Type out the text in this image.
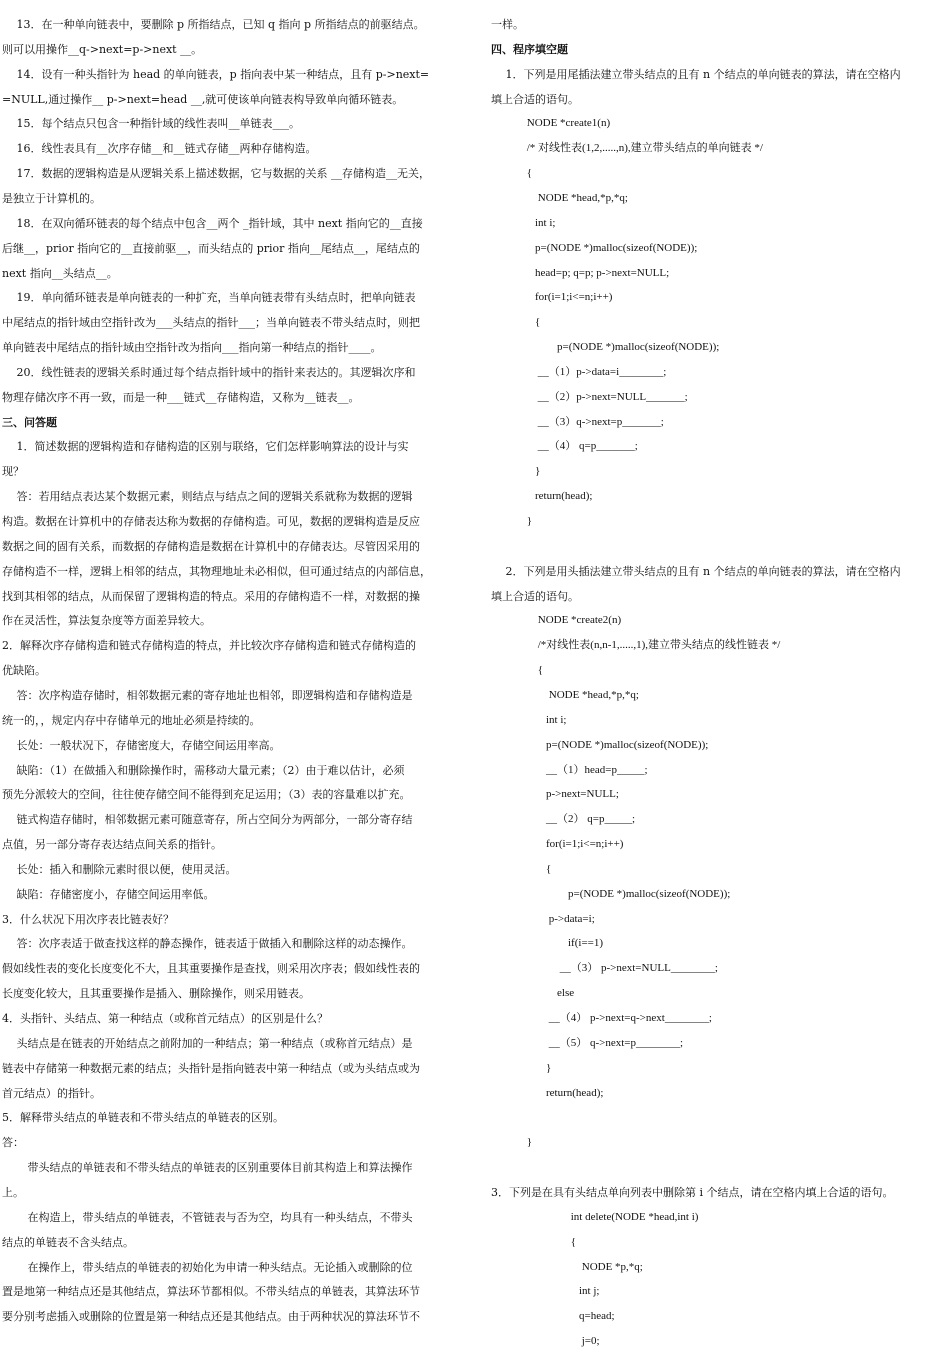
　 13．在一种单向链表中，要删除 p 所指结点，已知 q 指向 p 所指结点的前驱结点。
则可以用操作__q->next=p->next __。
　 14．设有一种头指针为 head 的单向链表，p 指向表中某一种结点，且有 p->next=
=NULL,通过操作__ p->next=head __,就可使该单向链表构导致单向循环链表。
　 15．每个结点只包含一种指针域的线性表叫__单链表___。
　 16．线性表具有__次序存储__和__链式存储__两种存储构造。
　 17．数据的逻辑构造是从逻辑关系上描述数据，它与数据的关系 __存储构造__无关，
是独立于计算机的。
　 18．在双向循环链表的每个结点中包含__两个 _指针域，其中 next 指向它的__直接
后继__，prior 指向它的__直接前驱__，而头结点的 prior 指向__尾结点__，尾结点的
next 指向__头结点__。
　 19．单向循环链表是单向链表的一种扩充，当单向链表带有头结点时，把单向链表
中尾结点的指针域由空指针改为___头结点的指针___；当单向链表不带头结点时，则把
单向链表中尾结点的指针域由空指针改为指向___指向第一种结点的指针____。
　 20．线性链表的逻辑关系时通过每个结点指针域中的指针来表达的。其逻辑次序和
物理存储次序不再一致，而是一种___链式__存储构造，又称为__链表__。
三、问答题
　 1．简述数据的逻辑构造和存储构造的区别与联络，它们怎样影响算法的设计与实
现？
　 答：若用结点表达某个数据元素，则结点与结点之间的逻辑关系就称为数据的逻辑
构造。数据在计算机中的存储表达称为数据的存储构造。可见，数据的逻辑构造是反应
数据之间的固有关系，而数据的存储构造是数据在计算机中的存储表达。尽管因采用的
存储构造不一样，逻辑上相邻的结点，其物理地址未必相似，但可通过结点的内部信息，
找到其相邻的结点，从而保留了逻辑构造的特点。采用的存储构造不一样，对数据的操
作在灵活性，算法复杂度等方面差异较大。
2．解释次序存储构造和链式存储构造的特点，并比较次序存储构造和链式存储构造的
优缺陷。
　 答：次序构造存储时，相邻数据元素的寄存地址也相邻，即逻辑构造和存储构造是
统一的，，规定内存中存储单元的地址必须是持续的。
　 长处：一般状况下，存储密度大，存储空间运用率高。
　 缺陷：（1）在做插入和删除操作时，需移动大量元素；（2）由于难以估计，必须
预先分派较大的空间，往往使存储空间不能得到充足运用；（3）表的容量难以扩充。
　 链式构造存储时，相邻数据元素可随意寄存，所占空间分为两部分，一部分寄存结
点值，另一部分寄存表达结点间关系的指针。
　 长处：插入和删除元素时很以便，使用灵活。
　 缺陷：存储密度小，存储空间运用率低。
3．什么状况下用次序表比链表好？
　 答：次序表适于做查找这样的静态操作，链表适于做插入和删除这样的动态操作。
假如线性表的变化长度变化不大，且其重要操作是查找，则采用次序表；假如线性表的
长度变化较大，且其重要操作是插入、删除操作，则采用链表。
4．头指针、头结点、第一种结点（或称首元结点）的区别是什么？
　 头结点是在链表的开始结点之前附加的一种结点；第一种结点（或称首元结点）是
链表中存储第一种数据元素的结点；头指针是指向链表中第一种结点（或为头结点或为
首元结点）的指针。
5．解释带头结点的单链表和不带头结点的单链表的区别。
答：
　　 带头结点的单链表和不带头结点的单链表的区别重要体目前其构造上和算法操作
上。
　　 在构造上，带头结点的单链表，不管链表与否为空，均具有一种头结点，不带头
结点的单链表不含头结点。
　　 在操作上，带头结点的单链表的初始化为申请一种头结点。无论插入或删除的位
置是地第一种结点还是其他结点，算法环节都相似。不带头结点的单链表，其算法环节
要分别考虑插入或删除的位置是第一种结点还是其他结点。由于两种状况的算法环节不
一样。
四、程序填空题
　 1．下列是用尾插法建立带头结点的且有 n 个结点的单向链表的算法，请在空格内
填上合适的语句。
　　　 NODE *create1(n)
　　　 /* 对线性表(1,2,.....,n),建立带头结点的单向链表 */
　　　 {
　　　　 NODE *head,*p,*q;
　　　　int i;
　　　　p=(NODE *)malloc(sizeof(NODE));
　　　　head=p; q=p; p->next=NULL;
　　　　for(i=1;i<=n;i++)
　　　　{
　　　　　　p=(NODE *)malloc(sizeof(NODE));
　　　　 __（1）p->data=i________;
　　　　 __（2）p->next=NULL_______;
　　　　 __（3）q->next=p_______;
　　　　 __（4） q=p_______;
　　　　}
　　　　return(head);
　　　 }
　 2．下列是用头插法建立带头结点的且有 n 个结点的单向链表的算法，请在空格内
填上合适的语句。
　　　　 NODE *create2(n)
　　　　 /*对线性表(n,n-1,.....,1),建立带头结点的线性链表 */
　　　　 {
　　　　　 NODE *head,*p,*q;
　　　　　int i;
　　　　　p=(NODE *)malloc(sizeof(NODE));
　　　　　__（1）head=p_____;
　　　　　p->next=NULL;
　　　　　__（2） q=p_____;
　　　　　for(i=1;i<=n;i++)
　　　　　{
　　　　　　　p=(NODE *)malloc(sizeof(NODE));
　　　　　 p->data=i;
　　　　　　　if(i==1)
　　　　　　 __（3） p->next=NULL________;
　　　　　　else
　　　　　 __（4） p->next=q->next________;
　　　　　 __（5） q->next=p________;
　　　　　}
　　　　　return(head);
　　　 }
3．下列是在具有头结点单向列表中删除第 i 个结点，请在空格内填上合适的语句。
　　　　　　　 int delete(NODE *head,int i)
　　　　　　　 {
　　　　　　　　 NODE *p,*q;
　　　　　　　　int j;
　　　　　　　　q=head;
　　　　　　　　 j=0;
